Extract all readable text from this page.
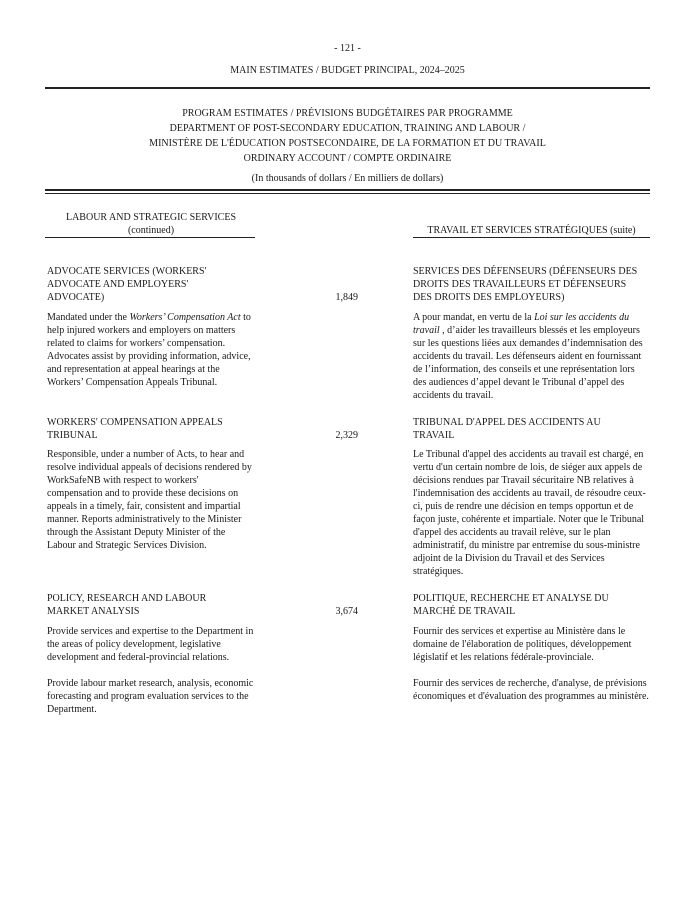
- 121 -
MAIN ESTIMATES / BUDGET PRINCIPAL, 2024–2025
PROGRAM ESTIMATES / PRÉVISIONS BUDGÉTAIRES PAR PROGRAMME
DEPARTMENT OF POST-SECONDARY EDUCATION, TRAINING AND LABOUR /
MINISTÈRE DE L'ÉDUCATION POSTSECONDAIRE, DE LA FORMATION ET DU TRAVAIL
ORDINARY ACCOUNT / COMPTE ORDINAIRE
(In thousands of dollars / En milliers de dollars)
LABOUR AND STRATEGIC SERVICES
(continued)	TRAVAIL ET SERVICES STRATÉGIQUES (suite)
ADVOCATE SERVICES (WORKERS'
ADVOCATE AND EMPLOYERS'
ADVOCATE)	1,849
SERVICES DES DÉFENSEURS (DÉFENSEURS DES
DROITS DES TRAVAILLEURS ET DÉFENSEURS
DES DROITS DES EMPLOYEURS)

Mandated under the Workers’ Compensation Act to help injured workers and employers on matters related to claims for workers’ compensation. Advocates assist by providing information, advice, and representation at appeal hearings at the Workers’ Compensation Appeals Tribunal.

A pour mandat, en vertu de la Loi sur les accidents du travail , d’aider les travailleurs blessés et les employeurs sur les questions liées aux demandes d’indemnisation des accidents du travail. Les défenseurs aident en fournissant de l’information, des conseils et une représentation lors des audiences d’appel devant le Tribunal d’appel des accidents du travail.

WORKERS' COMPENSATION APPEALS
TRIBUNAL	2,329
TRIBUNAL D'APPEL DES ACCIDENTS AU
TRAVAIL

Responsible, under a number of Acts, to hear and resolve individual appeals of decisions rendered by WorkSafeNB with respect to workers' compensation and to provide these decisions on appeals in a timely, fair, consistent and impartial manner. Reports administratively to the Minister through the Assistant Deputy Minister of the Labour and Strategic Services Division.

Le Tribunal d'appel des accidents au travail est chargé, en vertu d'un certain nombre de lois, de siéger aux appels de décisions rendues par Travail sécuritaire NB relatives à l'indemnisation des accidents au travail, de résoudre ceux-ci, puis de rendre une décision en temps opportun et de façon juste, cohérente et impartiale. Noter que le Tribunal d'appel des accidents au travail relève, sur le plan administratif, du ministre par entremise du sous-ministre adjoint de la Division du Travail et des Services stratégiques.

POLICY, RESEARCH AND LABOUR
MARKET ANALYSIS	3,674
POLITIQUE, RECHERCHE ET ANALYSE DU
MARCHÉ DE TRAVAIL

Provide services and expertise to the Department in the areas of policy development, legislative development and federal-provincial relations.

Fournir des services et expertise au Ministère dans le domaine de l'élaboration de politiques, développement législatif et les relations fédérale-provinciale.

Provide labour market research, analysis, economic forecasting and program evaluation services to the Department.

Fournir des services de recherche, d'analyse, de prévisions économiques et d'évaluation des programmes au ministère.
